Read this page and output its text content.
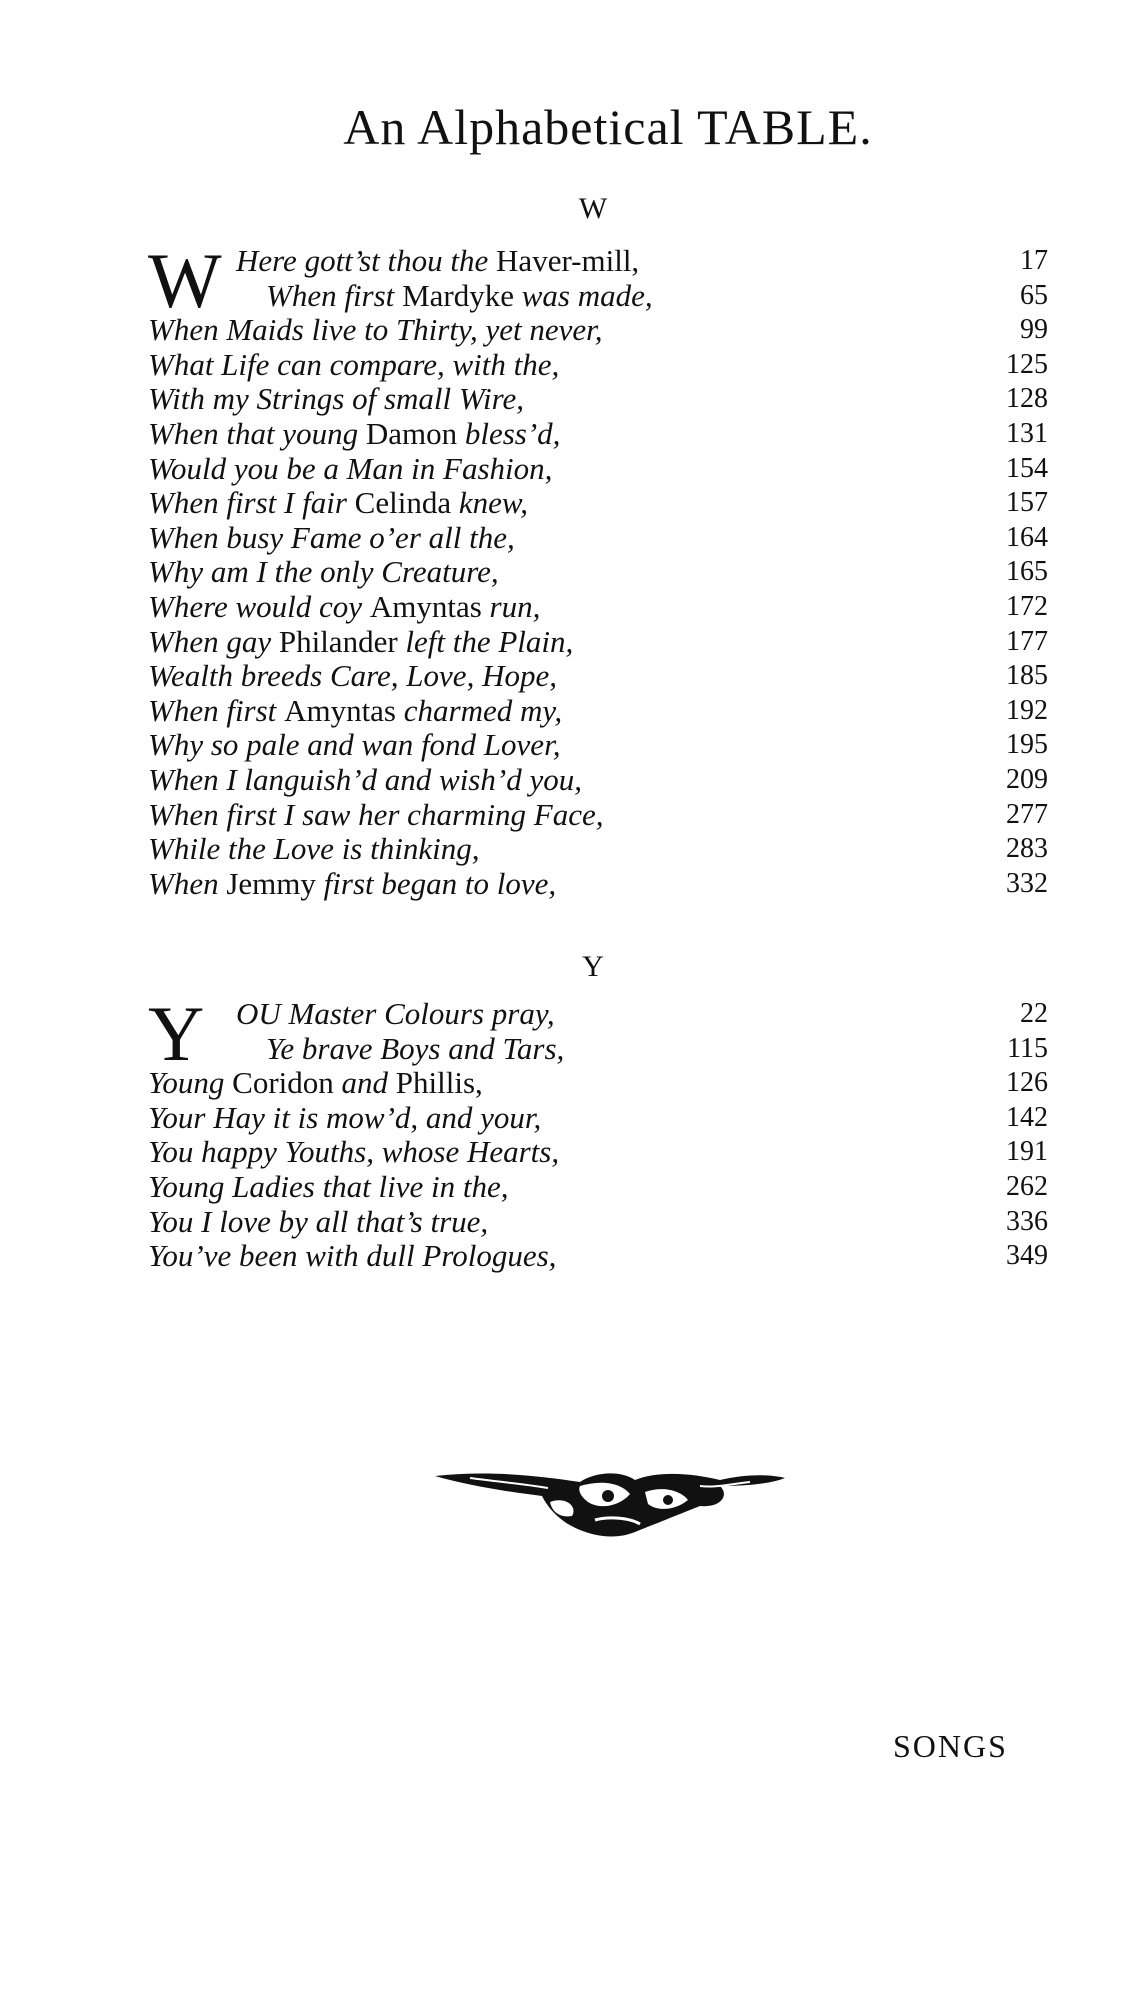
An Alphabetical TABLE.
W
W Here gott’st thou the Haver-mill,	17
When first Mardyke was made,	65
When Maids live to Thirty, yet never,	99
What Life can compare, with the,	125
With my Strings of small Wire,	128
When that young Damon bless’d,	131
Would you be a Man in Fashion,	154
When first I fair Celinda knew,	157
When busy Fame o’er all the,	164
Why am I the only Creature,	165
Where would coy Amyntas run,	172
When gay Philander left the Plain,	177
Wealth breeds Care, Love, Hope,	185
When first Amyntas charmed my,	192
Why so pale and wan fond Lover,	195
When I languish’d and wish’d you,	209
When first I saw her charming Face,	277
While the Love is thinking,	283
When Jemmy first began to love,	332
Y
Y	OU Master Colours pray,	22
Ye brave Boys and Tars,	115
Young Coridon and Phillis,	126
Your Hay it is mow’d, and your,	142
You happy Youths, whose Hearts,	191
Young Ladies that live in the,	262
You I love by all that’s true,	336
You’ve been with dull Prologues,	349
SONGS
